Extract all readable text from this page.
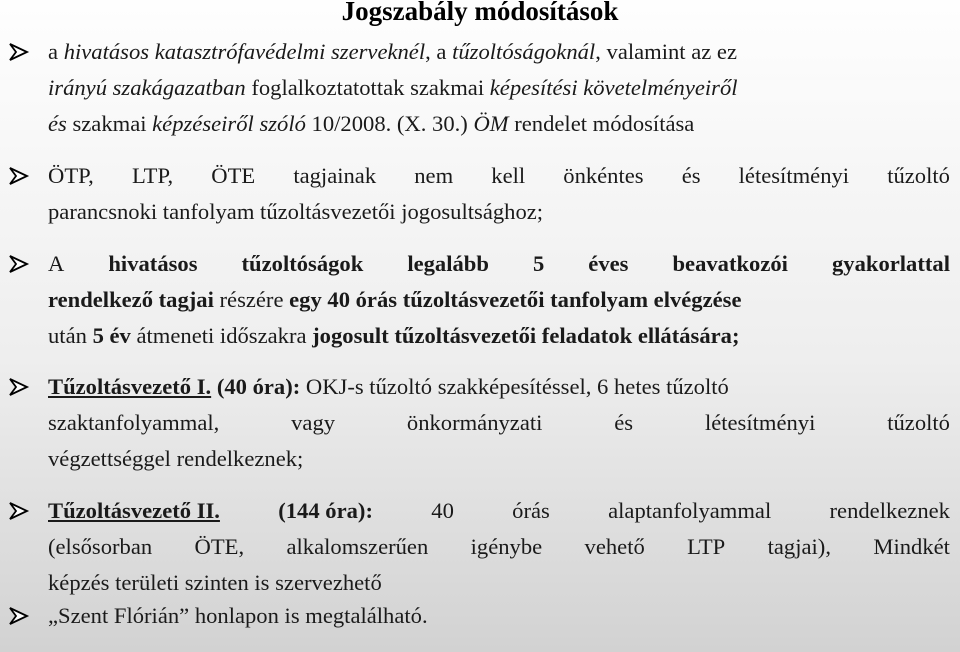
Jogszabály módosítások
a hivatásos katasztrófavédelmi szerveknél, a tűzoltóságoknál, valamint az ez
irányú szakágazatban foglalkoztatottak szakmai képesítési követelményeiről
és szakmai képzéseiről szóló 10/2008. (X. 30.) ÖM rendelet módosítása
ÖTP, LTP, ÖTE tagjainak nem kell önkéntes és létesítményi tűzoltó
parancsnoki tanfolyam tűzoltásvezetői jogosultsághoz;
A hivatásos tűzoltóságok legalább 5 éves beavatkozói gyakorlattal
rendelkező tagjai részére egy 40 órás tűzoltásvezetői tanfolyam elvégzése
után 5 év átmeneti időszakra jogosult tűzoltásvezetői feladatok ellátására;
Tűzoltásvezető I. (40 óra): OKJ-s tűzoltó szakképesítéssel, 6 hetes tűzoltó
szaktanfolyammal,	vagy	önkormányzati	és	létesítményi	tűzoltó
végzettséggel rendelkeznek;
Tűzoltásvezető II.	(144 óra):	40	órás	alaptanfolyammal	rendelkeznek
(elsősorban ÖTE, alkalomszerűen igénybe vehető LTP tagjai), Mindkét
képzés területi szinten is szervezhető
„Szent Flórián” honlapon is megtalálható.
